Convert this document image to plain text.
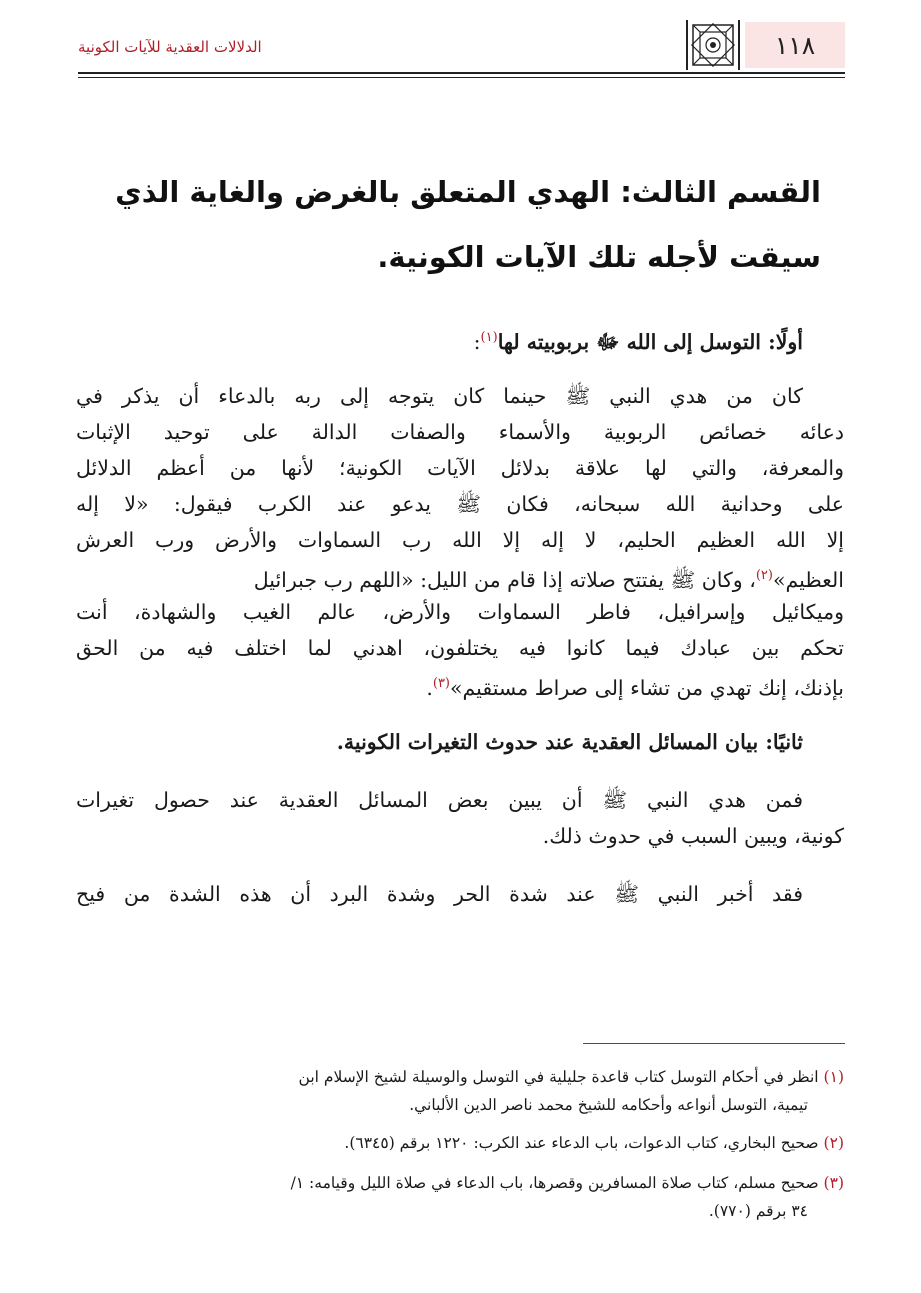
١١٨
الدلالات العقدية للآيات الكونية
القسم الثالث: الهدي المتعلق بالغرض والغاية الذي
سيقت لأجله تلك الآيات الكونية.
أولًا: التوسل إلى الله ﷻ بربوبيته لها$^{(١)}$:
كان من هدي النبي ﷺ حينما كان يتوجه إلى ربه بالدعاء أن يذكر في
دعائه خصائص الربوبية والأسماء والصفات الدالة على توحيد الإثبات
والمعرفة، والتي لها علاقة بدلائل الآيات الكونية؛ لأنها من أعظم الدلائل
على وحدانية الله سبحانه، فكان ﷺ يدعو عند الكرب فيقول: «لا إله
إلا الله العظيم الحليم، لا إله إلا الله رب السماوات والأرض ورب العرش
العظيم»$^{(٢)}$، وكان ﷺ يفتتح صلاته إذا قام من الليل: «اللهم رب جبرائيل
وميكائيل وإسرافيل، فاطر السماوات والأرض، عالم الغيب والشهادة، أنت
تحكم بين عبادك فيما كانوا فيه يختلفون، اهدني لما اختلف فيه من الحق
بإذنك، إنك تهدي من تشاء إلى صراط مستقيم»$^{(٣)}$.
ثانيًا: بيان المسائل العقدية عند حدوث التغيرات الكونية.
فمن هدي النبي ﷺ أن يبين بعض المسائل العقدية عند حصول تغيرات
كونية، ويبين السبب في حدوث ذلك.
فقد أخبر النبي ﷺ عند شدة الحر وشدة البرد أن هذه الشدة من فيح
(١) انظر في أحكام التوسل كتاب قاعدة جليلية في التوسل والوسيلة لشيخ الإسلام ابن
تيمية، التوسل أنواعه وأحكامه للشيخ محمد ناصر الدين الألباني.
(٢) صحيح البخاري، كتاب الدعوات، باب الدعاء عند الكرب: ١٢٢٠ برقم (٦٣٤٥).
(٣) صحيح مسلم، كتاب صلاة المسافرين وقصرها، باب الدعاء في صلاة الليل وقيامه: ١/
٣٤ برقم (٧٧٠).
